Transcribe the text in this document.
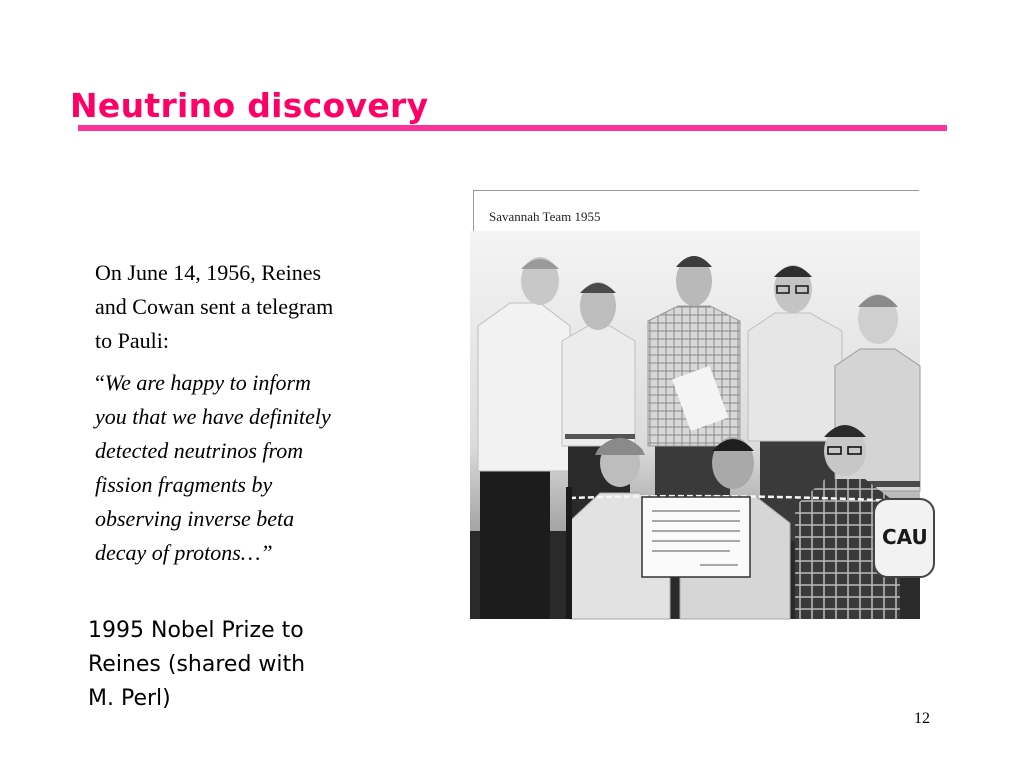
Neutrino discovery

On June 14, 1956, Reines
and Cowan sent a telegram
to Pauli:

“We are happy to inform
you that we have definitely
detected neutrinos from
fission fragments by
observing inverse beta
decay of protons…”

1995 Nobel Prize to
Reines (shared with
M. Perl)
Savannah Team 1955
CAU
12
